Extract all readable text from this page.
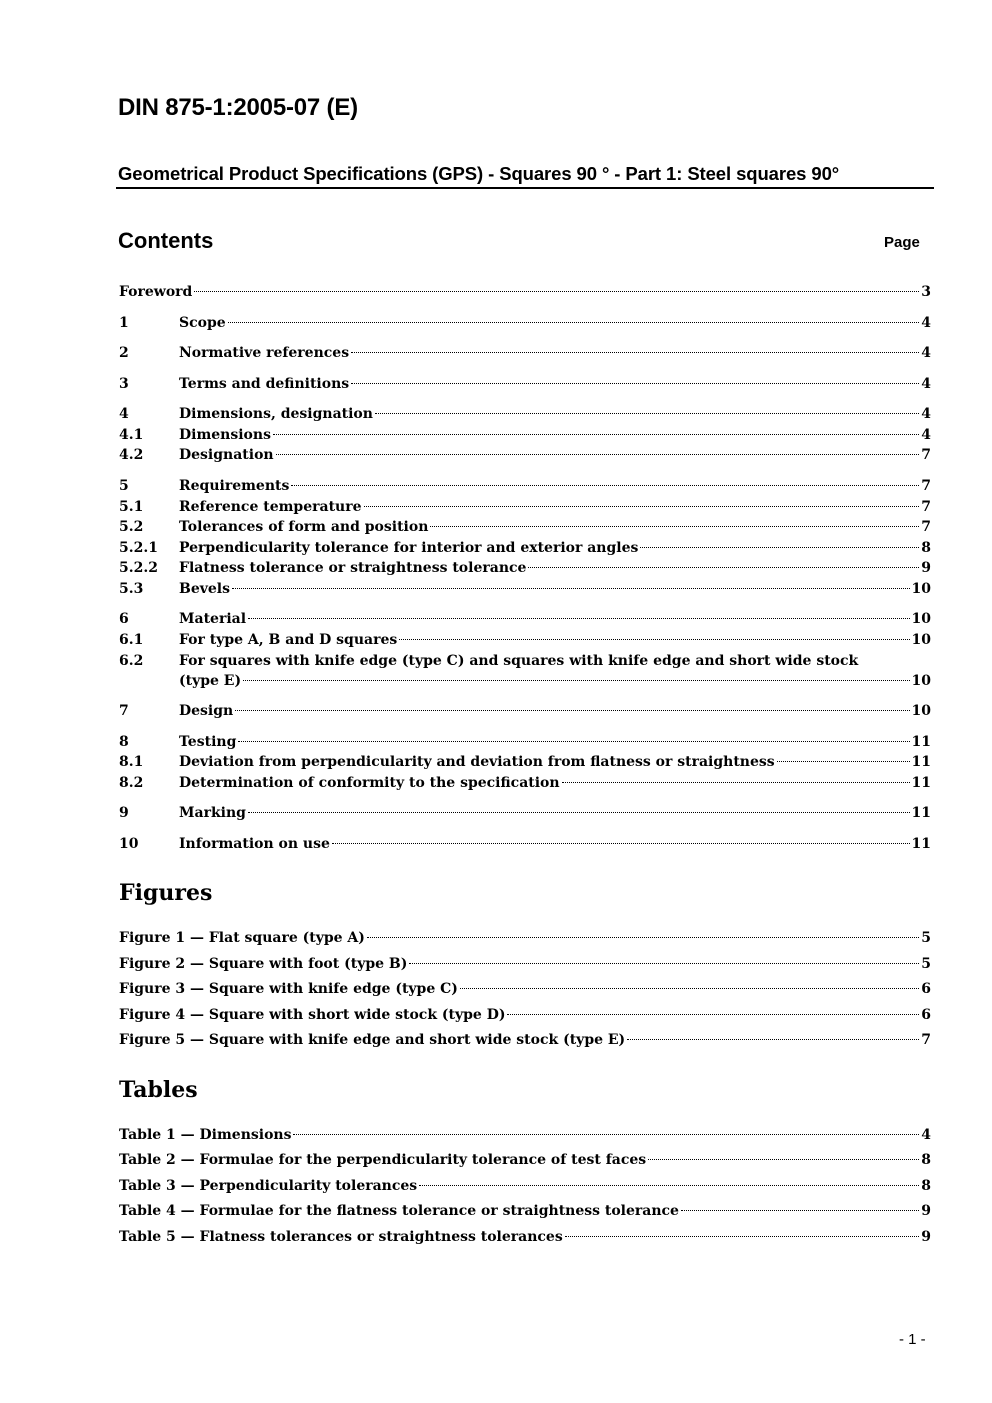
DIN 875-1:2005-07 (E)
Geometrical Product Specifications (GPS) - Squares 90 ° - Part 1: Steel squares 90°
Contents	Page
Foreword	3
1	Scope	4
2	Normative references	4
3	Terms and definitions	4
4	Dimensions, designation	4
4.1	Dimensions	4
4.2	Designation	7
5	Requirements	7
5.1	Reference temperature	7
5.2	Tolerances of form and position	7
5.2.1	Perpendicularity tolerance for interior and exterior angles	8
5.2.2	Flatness tolerance or straightness tolerance	9
5.3	Bevels	10
6	Material	10
6.1	For type A, B and D squares	10
6.2	For squares with knife edge (type C) and squares with knife edge and short wide stock
(type E)	10
7	Design	10
8	Testing	11
8.1	Deviation from perpendicularity and deviation from flatness or straightness	11
8.2	Determination of conformity to the specification	11
9	Marking	11
10	Information on use	11
Figures
Figure 1 — Flat square (type A)	5
Figure 2 — Square with foot (type B)	5
Figure 3 — Square with knife edge (type C)	6
Figure 4 — Square with short wide stock (type D)	6
Figure 5 — Square with knife edge and short wide stock (type E)	7
Tables
Table 1 — Dimensions	4
Table 2 — Formulae for the perpendicularity tolerance of test faces	8
Table 3 — Perpendicularity tolerances	8
Table 4 — Formulae for the flatness tolerance or straightness tolerance	9
Table 5 — Flatness tolerances or straightness tolerances	9
- 1 -
